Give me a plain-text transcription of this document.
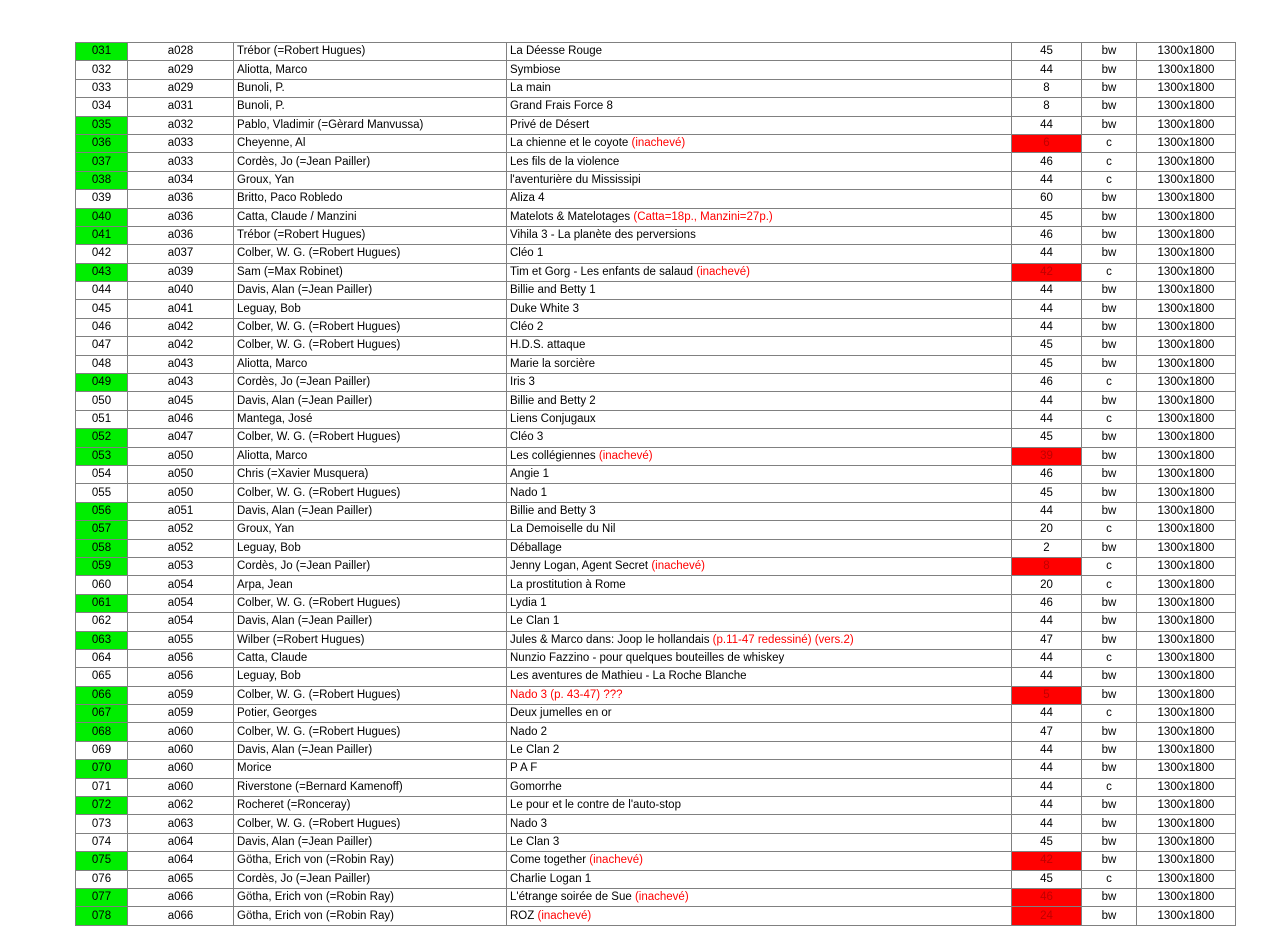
031	a028	Trébor (=Robert Hugues)	La Déesse Rouge	45	bw	1300x1800
032	a029	Aliotta, Marco	Symbiose	44	bw	1300x1800
033	a029	Bunoli, P.	La main	8	bw	1300x1800
034	a031	Bunoli, P.	Grand Frais Force 8	8	bw	1300x1800
035	a032	Pablo, Vladimir (=Gèrard Manvussa)	Privé de Désert	44	bw	1300x1800
036	a033	Cheyenne, Al	La chienne et le coyote (inachevé)	6	c	1300x1800
037	a033	Cordès, Jo (=Jean Pailler)	Les fils de la violence	46	c	1300x1800
038	a034	Groux, Yan	l'aventurière du Mississipi	44	c	1300x1800
039	a036	Britto, Paco Robledo	Aliza 4	60	bw	1300x1800
040	a036	Catta, Claude / Manzini	Matelots & Matelotages (Catta=18p., Manzini=27p.)	45	bw	1300x1800
041	a036	Trébor (=Robert Hugues)	Vihila 3 - La planète des perversions	46	bw	1300x1800
042	a037	Colber, W. G. (=Robert Hugues)	Cléo 1	44	bw	1300x1800
043	a039	Sam (=Max Robinet)	Tim et Gorg - Les enfants de salaud (inachevé)	42	c	1300x1800
044	a040	Davis, Alan (=Jean Pailler)	Billie and Betty 1	44	bw	1300x1800
045	a041	Leguay, Bob	Duke White 3	44	bw	1300x1800
046	a042	Colber, W. G. (=Robert Hugues)	Cléo 2	44	bw	1300x1800
047	a042	Colber, W. G. (=Robert Hugues)	H.D.S. attaque	45	bw	1300x1800
048	a043	Aliotta, Marco	Marie la sorcière	45	bw	1300x1800
049	a043	Cordès, Jo (=Jean Pailler)	Iris 3	46	c	1300x1800
050	a045	Davis, Alan (=Jean Pailler)	Billie and Betty 2	44	bw	1300x1800
051	a046	Mantega, José	Liens Conjugaux	44	c	1300x1800
052	a047	Colber, W. G. (=Robert Hugues)	Cléo 3	45	bw	1300x1800
053	a050	Aliotta, Marco	Les collégiennes (inachevé)	39	bw	1300x1800
054	a050	Chris (=Xavier Musquera)	Angie 1	46	bw	1300x1800
055	a050	Colber, W. G. (=Robert Hugues)	Nado 1	45	bw	1300x1800
056	a051	Davis, Alan (=Jean Pailler)	Billie and Betty 3	44	bw	1300x1800
057	a052	Groux, Yan	La Demoiselle du Nil	20	c	1300x1800
058	a052	Leguay, Bob	Déballage	2	bw	1300x1800
059	a053	Cordès, Jo (=Jean Pailler)	Jenny Logan, Agent Secret (inachevé)	8	c	1300x1800
060	a054	Arpa, Jean	La prostitution à Rome	20	c	1300x1800
061	a054	Colber, W. G. (=Robert Hugues)	Lydia 1	46	bw	1300x1800
062	a054	Davis, Alan (=Jean Pailler)	Le Clan 1	44	bw	1300x1800
063	a055	Wilber (=Robert Hugues)	Jules & Marco dans: Joop le hollandais (p.11-47 redessiné) (vers.2)	47	bw	1300x1800
064	a056	Catta, Claude	Nunzio Fazzino - pour quelques bouteilles de whiskey	44	c	1300x1800
065	a056	Leguay, Bob	Les aventures de Mathieu - La Roche Blanche	44	bw	1300x1800
066	a059	Colber, W. G. (=Robert Hugues)	Nado 3 (p. 43-47) ???	5	bw	1300x1800
067	a059	Potier, Georges	Deux jumelles en or	44	c	1300x1800
068	a060	Colber, W. G. (=Robert Hugues)	Nado 2	47	bw	1300x1800
069	a060	Davis, Alan (=Jean Pailler)	Le Clan 2	44	bw	1300x1800
070	a060	Morice	P A F	44	bw	1300x1800
071	a060	Riverstone (=Bernard Kamenoff)	Gomorrhe	44	c	1300x1800
072	a062	Rocheret (=Ronceray)	Le pour et le contre de l'auto-stop	44	bw	1300x1800
073	a063	Colber, W. G. (=Robert Hugues)	Nado 3	44	bw	1300x1800
074	a064	Davis, Alan (=Jean Pailler)	Le Clan 3	45	bw	1300x1800
075	a064	Götha, Erich von (=Robin Ray)	Come together (inachevé)	42	bw	1300x1800
076	a065	Cordès, Jo (=Jean Pailler)	Charlie Logan 1	45	c	1300x1800
077	a066	Götha, Erich von (=Robin Ray)	L'étrange soirée de Sue (inachevé)	46	bw	1300x1800
078	a066	Götha, Erich von (=Robin Ray)	ROZ (inachevé)	24	bw	1300x1800
